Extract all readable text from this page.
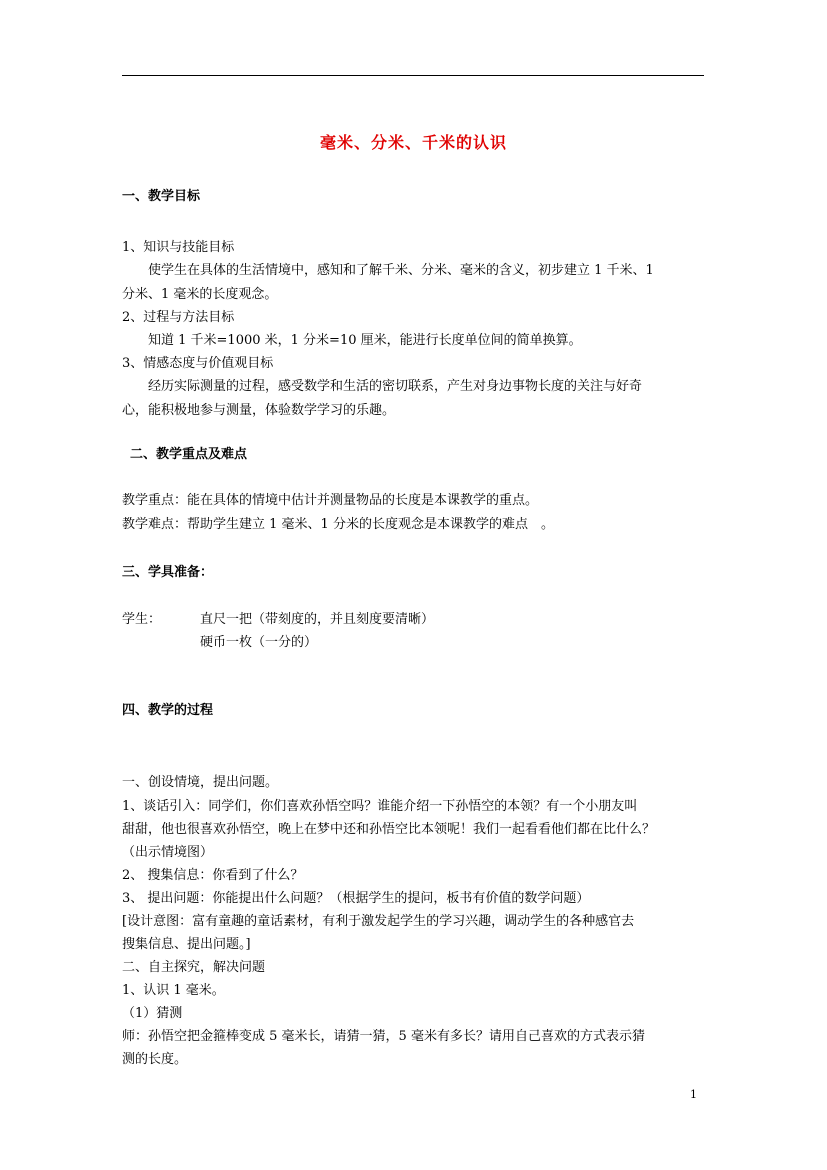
毫米、分米、千米的认识
一、教学目标
1、知识与技能目标
使学生在具体的生活情境中，感知和了解千米、分米、毫米的含义，初步建立 1 千米、1
分米、1 毫米的长度观念。
2、过程与方法目标
知道 1 千米=1000 米，1 分米=10 厘米，能进行长度单位间的简单换算。
3、情感态度与价值观目标
经历实际测量的过程，感受数学和生活的密切联系，产生对身边事物长度的关注与好奇
心，能积极地参与测量，体验数学学习的乐趣。
二、教学重点及难点
教学重点：能在具体的情境中估计并测量物品的长度是本课教学的重点。
教学难点：帮助学生建立 1 毫米、1 分米的长度观念是本课教学的难点　。
三、学具准备：
学生：	直尺一把（带刻度的，并且刻度要清晰）
硬币一枚（一分的）
四、教学的过程
一、创设情境，提出问题。
1、谈话引入：同学们，你们喜欢孙悟空吗？谁能介绍一下孙悟空的本领？有一个小朋友叫
甜甜，他也很喜欢孙悟空，晚上在梦中还和孙悟空比本领呢！我们一起看看他们都在比什么？
（出示情境图）
2、 搜集信息：你看到了什么？
3、 提出问题：你能提出什么问题？（根据学生的提问，板书有价值的数学问题）
[设计意图：富有童趣的童话素材，有利于激发起学生的学习兴趣，调动学生的各种感官去
搜集信息、提出问题。]
二、自主探究，解决问题
1、认识 1 毫米。
（1）猜测
师：孙悟空把金箍棒变成 5 毫米长，请猜一猜，5 毫米有多长？请用自己喜欢的方式表示猜
测的长度。
1
